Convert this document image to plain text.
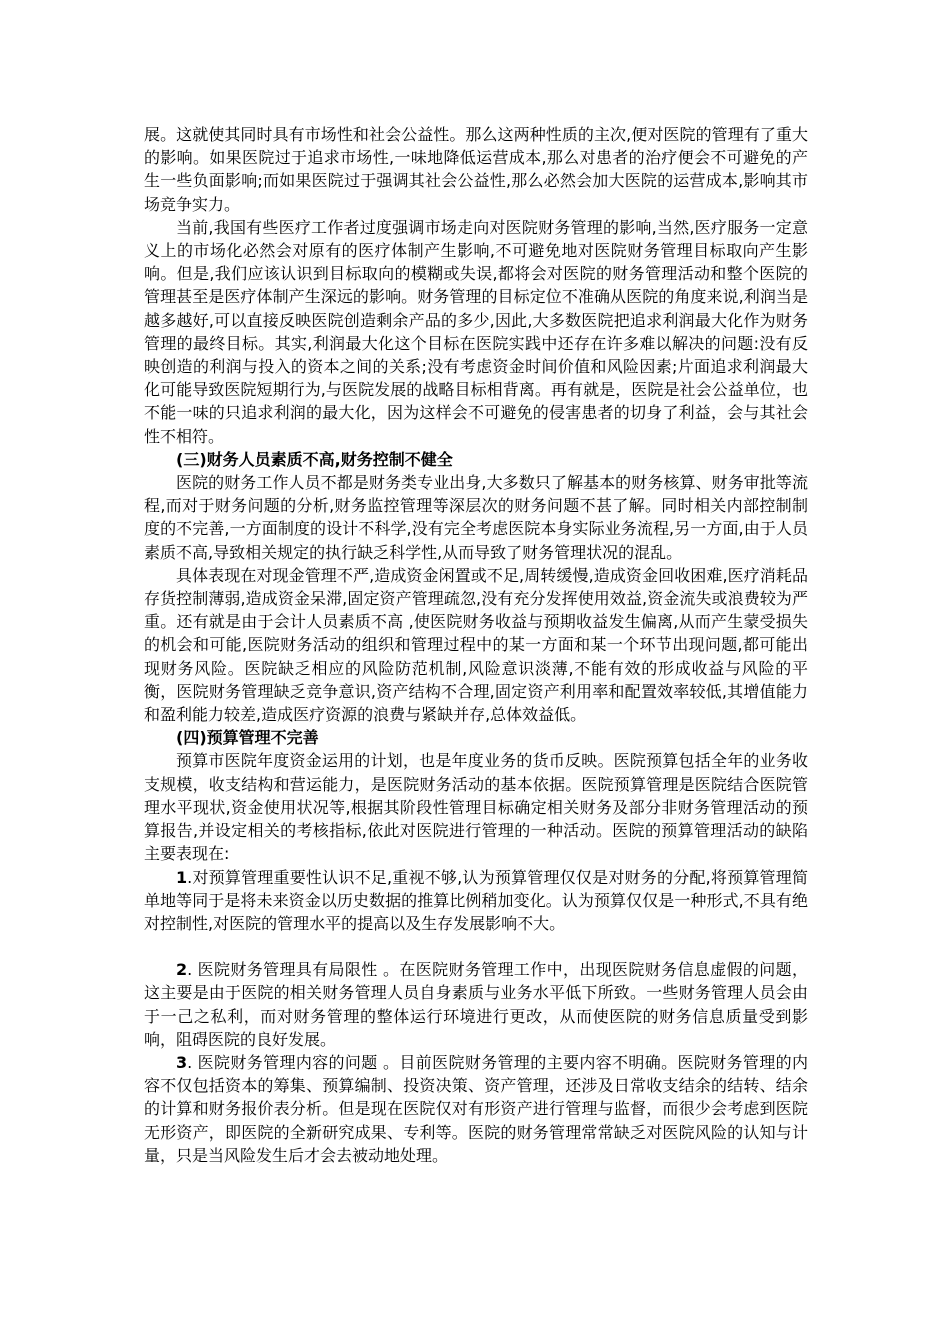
展。这就使其同时具有市场性和社会公益性。那么这两种性质的主次,便对医院的管理有了重大的影响。如果医院过于追求市场性,一味地降低运营成本,那么对患者的治疗便会不可避免的产生一些负面影响;而如果医院过于强调其社会公益性,那么必然会加大医院的运营成本,影响其市场竞争实力。

当前,我国有些医疗工作者过度强调市场走向对医院财务管理的影响,当然,医疗服务一定意义上的市场化必然会对原有的医疗体制产生影响,不可避免地对医院财务管理目标取向产生影响。但是,我们应该认识到目标取向的模糊或失误,都将会对医院的财务管理活动和整个医院的管理甚至是医疗体制产生深远的影响。财务管理的目标定位不准确从医院的角度来说,利润当是越多越好,可以直接反映医院创造剩余产品的多少,因此,大多数医院把追求利润最大化作为财务管理的最终目标。其实,利润最大化这个目标在医院实践中还存在许多难以解决的问题:没有反映创造的利润与投入的资本之间的关系;没有考虑资金时间价值和风险因素;片面追求利润最大化可能导致医院短期行为,与医院发展的战略目标相背离。再有就是，医院是社会公益单位，也不能一味的只追求利润的最大化，因为这样会不可避免的侵害患者的切身了利益，会与其社会性不相符。

(三)财务人员素质不高,财务控制不健全

医院的财务工作人员不都是财务类专业出身,大多数只了解基本的财务核算、财务审批等流程,而对于财务问题的分析,财务监控管理等深层次的财务问题不甚了解。同时相关内部控制制度的不完善,一方面制度的设计不科学,没有完全考虑医院本身实际业务流程,另一方面,由于人员素质不高,导致相关规定的执行缺乏科学性,从而导致了财务管理状况的混乱。

具体表现在对现金管理不严,造成资金闲置或不足,周转缓慢,造成资金回收困难,医疗消耗品存货控制薄弱,造成资金呆滞,固定资产管理疏忽,没有充分发挥使用效益,资金流失或浪费较为严重。还有就是由于会计人员素质不高 ,使医院财务收益与预期收益发生偏离,从而产生蒙受损失的机会和可能,医院财务活动的组织和管理过程中的某一方面和某一个环节出现问题,都可能出现财务风险。医院缺乏相应的风险防范机制,风险意识淡薄,不能有效的形成收益与风险的平衡，医院财务管理缺乏竞争意识,资产结构不合理,固定资产利用率和配置效率较低,其增值能力和盈利能力较差,造成医疗资源的浪费与紧缺并存,总体效益低。

(四)预算管理不完善

预算市医院年度资金运用的计划，也是年度业务的货币反映。医院预算包括全年的业务收支规模，收支结构和营运能力，是医院财务活动的基本依据。医院预算管理是医院结合医院管理水平现状,资金使用状况等,根据其阶段性管理目标确定相关财务及部分非财务管理活动的预算报告,并设定相关的考核指标,依此对医院进行管理的一种活动。医院的预算管理活动的缺陷主要表现在:

1.对预算管理重要性认识不足,重视不够,认为预算管理仅仅是对财务的分配,将预算管理简单地等同于是将未来资金以历史数据的推算比例稍加变化。认为预算仅仅是一种形式,不具有绝对控制性,对医院的管理水平的提高以及生存发展影响不大。

2. 医院财务管理具有局限性 。在医院财务管理工作中，出现医院财务信息虚假的问题，这主要是由于医院的相关财务管理人员自身素质与业务水平低下所致。一些财务管理人员会由于一己之私利，而对财务管理的整体运行环境进行更改，从而使医院的财务信息质量受到影响，阻碍医院的良好发展。

3. 医院财务管理内容的问题 。目前医院财务管理的主要内容不明确。医院财务管理的内容不仅包括资本的筹集、预算编制、投资决策、资产管理，还涉及日常收支结余的结转、结余的计算和财务报价表分析。但是现在医院仅对有形资产进行管理与监督，而很少会考虑到医院无形资产，即医院的全新研究成果、专利等。医院的财务管理常常缺乏对医院风险的认知与计量，只是当风险发生后才会去被动地处理。
